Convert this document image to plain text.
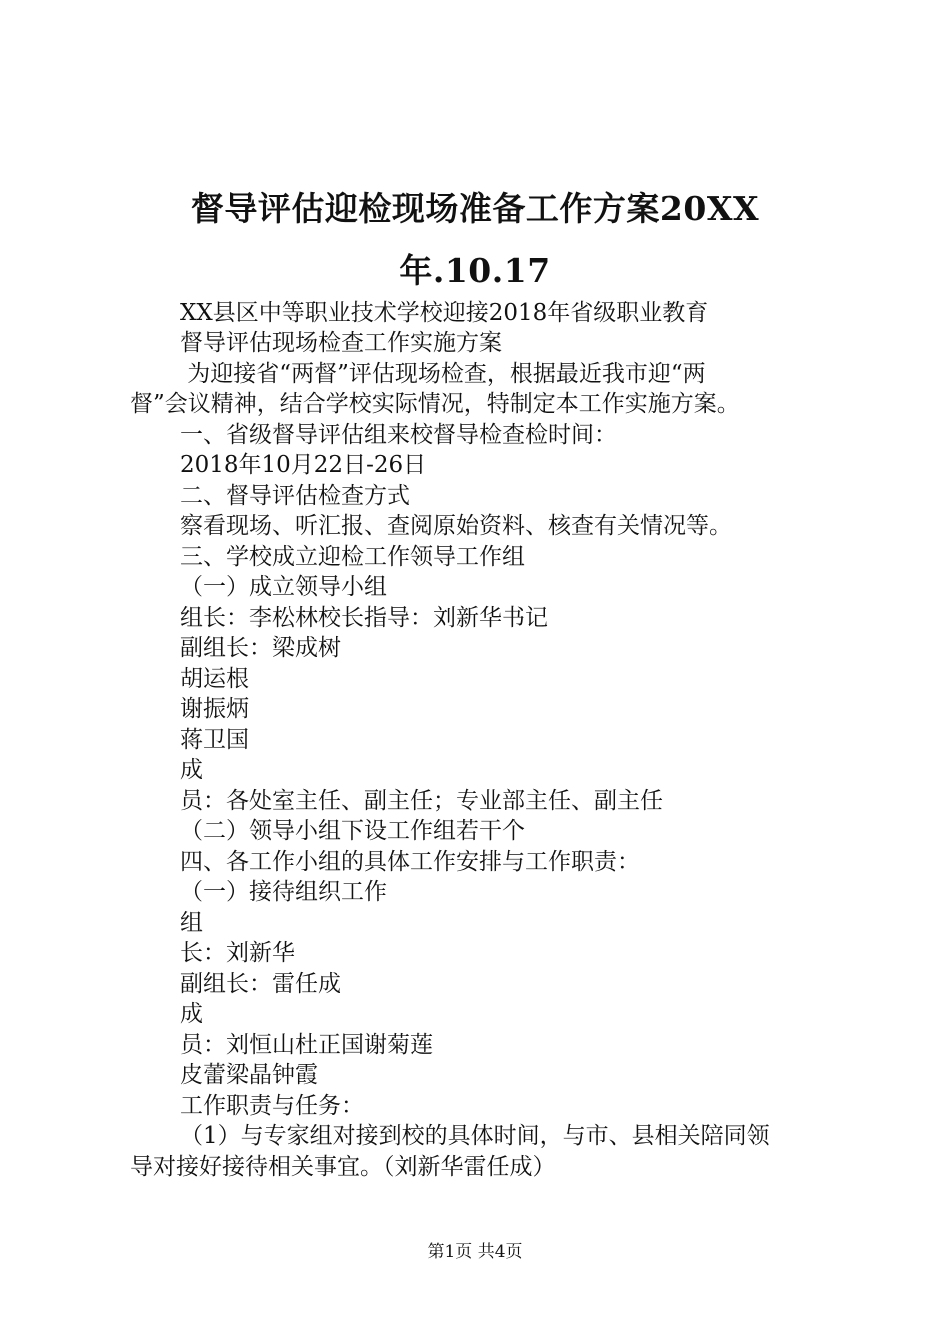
督导评估迎检现场准备工作方案20XX
年.10.17
XX县区中等职业技术学校迎接2018年省级职业教育
督导评估现场检查工作实施方案
为迎接省“两督”评估现场检查，根据最近我市迎“两
督”会议精神，结合学校实际情况，特制定本工作实施方案。
一、省级督导评估组来校督导检查检时间：
2018年10月22日-26日
二、督导评估检查方式
察看现场、听汇报、查阅原始资料、核查有关情况等。
三、学校成立迎检工作领导工作组
（一）成立领导小组
组长：李松林校长指导：刘新华书记
副组长：梁成树
胡运根
谢振炳
蒋卫国
成
员：各处室主任、副主任；专业部主任、副主任
（二）领导小组下设工作组若干个
四、各工作小组的具体工作安排与工作职责：
（一）接待组织工作
组
长：刘新华
副组长：雷任成
成
员：刘恒山杜正国谢菊莲
皮蕾梁晶钟霞
工作职责与任务：
（1）与专家组对接到校的具体时间，与市、县相关陪同领
导对接好接待相关事宜。（刘新华雷任成）
第1页 共4页
